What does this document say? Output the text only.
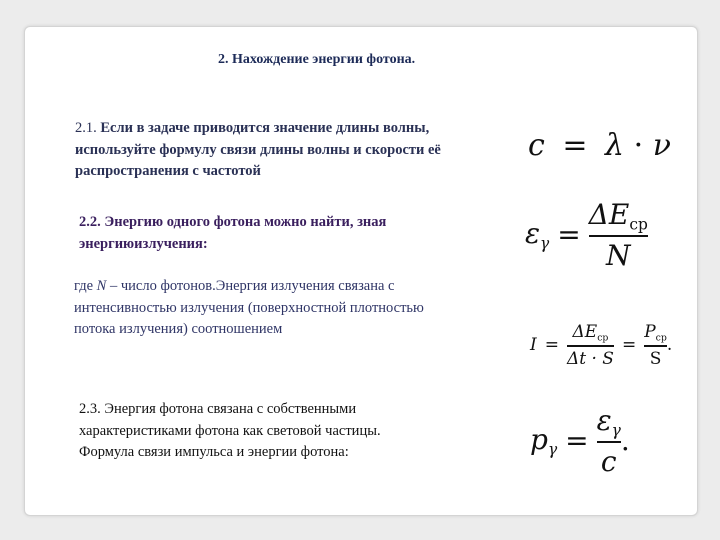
2. Нахождение энергии фотона.
2.1. Если в задаче приводится значение длины волны, используйте формулу связи длины волны и скорости её распространения с частотой
2.2. Энергию одного фотона можно найти, зная энергиюизлучения:
где N – число фотонов.Энергия излучения связана с интенсивностью излучения (поверхностной плотностью потока излучения) соотношением
2.3. Энергия фотона связана с собственными характеристиками фотона как световой частицы.
Формула связи импульса и энергии фотона:
c = λ · ν
$\varepsilon\gamma = \frac{\Delta E_{ср}}{N}$
$I = \frac{\Delta E_{ср}}{\Delta t \cdot S} = \frac{P_{ср}}{S}$ .
$p\gamma = \frac{\varepsilon\gamma}{c}$ .
